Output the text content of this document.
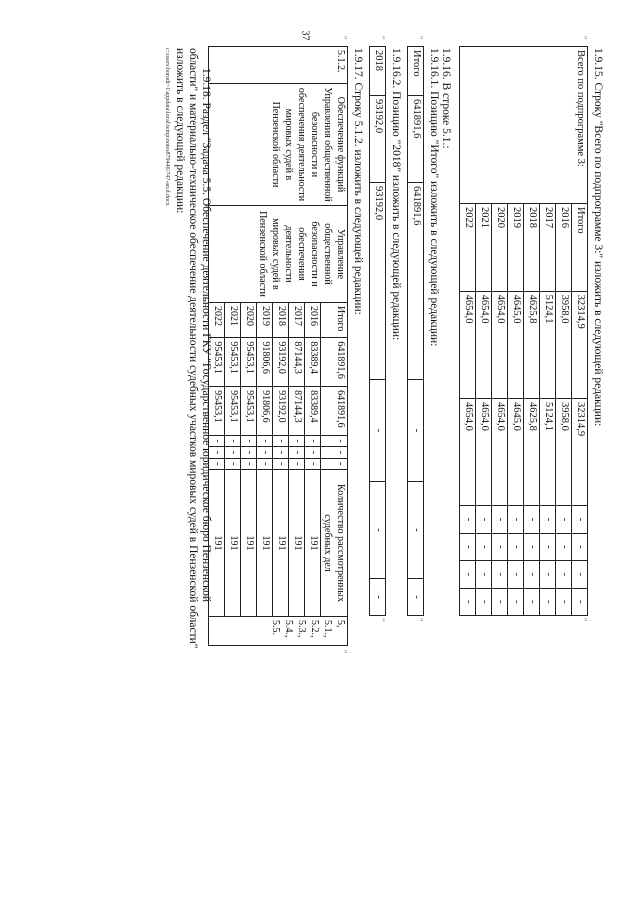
37
1.9.15. Строку "Всего по подпрограмме 3:" изложить в следующей редакции:
Всего по подпрограмме 3:	Итого	32314,9	32314,9	-	-	-	-
	2016	3958,0	3958,0	-	-	-	-
	2017	5124,1	5124,1	-	-	-	-
	2018	4625,8	4625,8	-	-	-	-
	2019	4645,0	4645,0	-	-	-	-
	2020	4654,0	4654,0	-	-	-	-
	2021	4654,0	4654,0	-	-	-	-
	2022	4654,0	4654,0	-	-	-	-
1.9.16. В строке 5.1.:
1.9.16.1. Позицию "Итого" изложить в следующей редакции:
Итого	641891,6	641891,6	-	-	-
1.9.16.2. Позицию "2018" изложить в следующей редакции:
2018	93192,0	93192,0	-	-	-
1.9.17. Строку 5.1.2. изложить в следующей редакции:
5.1.2.	Обеспечение функций Управления общественной безопасности и обеспечения деятельности мировых судей в Пензенской области	Управление общественной безопасности и обеспечения деятельности мировых судей в Пензенской области	Итого	641891,6	641891,6	-	-	-	Количество рассмотренных судебных дел	5, 5.1., 5.2., 5.3., 5.4., 5.5.
			2016	83389,4	83389,4	-	-	-	191	
			2017	87144,3	87144,3	-	-	-	191	
			2018	93192,0	93192,0	-	-	-	191	
			2019	91806,6	91806,6	-	-	-	191	
			2020	95453,1	95453,1	-	-	-	191	
			2021	95453,1	95453,1	-	-	-	191	
			2022	95453,1	95453,1	-	-	-	191	
1.9.18. Раздел "Задача 5.5. Обеспечение деятельности ГКУ "Государственное юридическое бюро Пензенской
области" и материально-техническое обеспечение деятельности судебных участков мировых судей в Пензенской области"
изложить в следующей редакции:
c:\users\borodi~1\appdata\local\temp\notes879446\747-ап.d.docx
"
"
"
"
"
"
"
"
